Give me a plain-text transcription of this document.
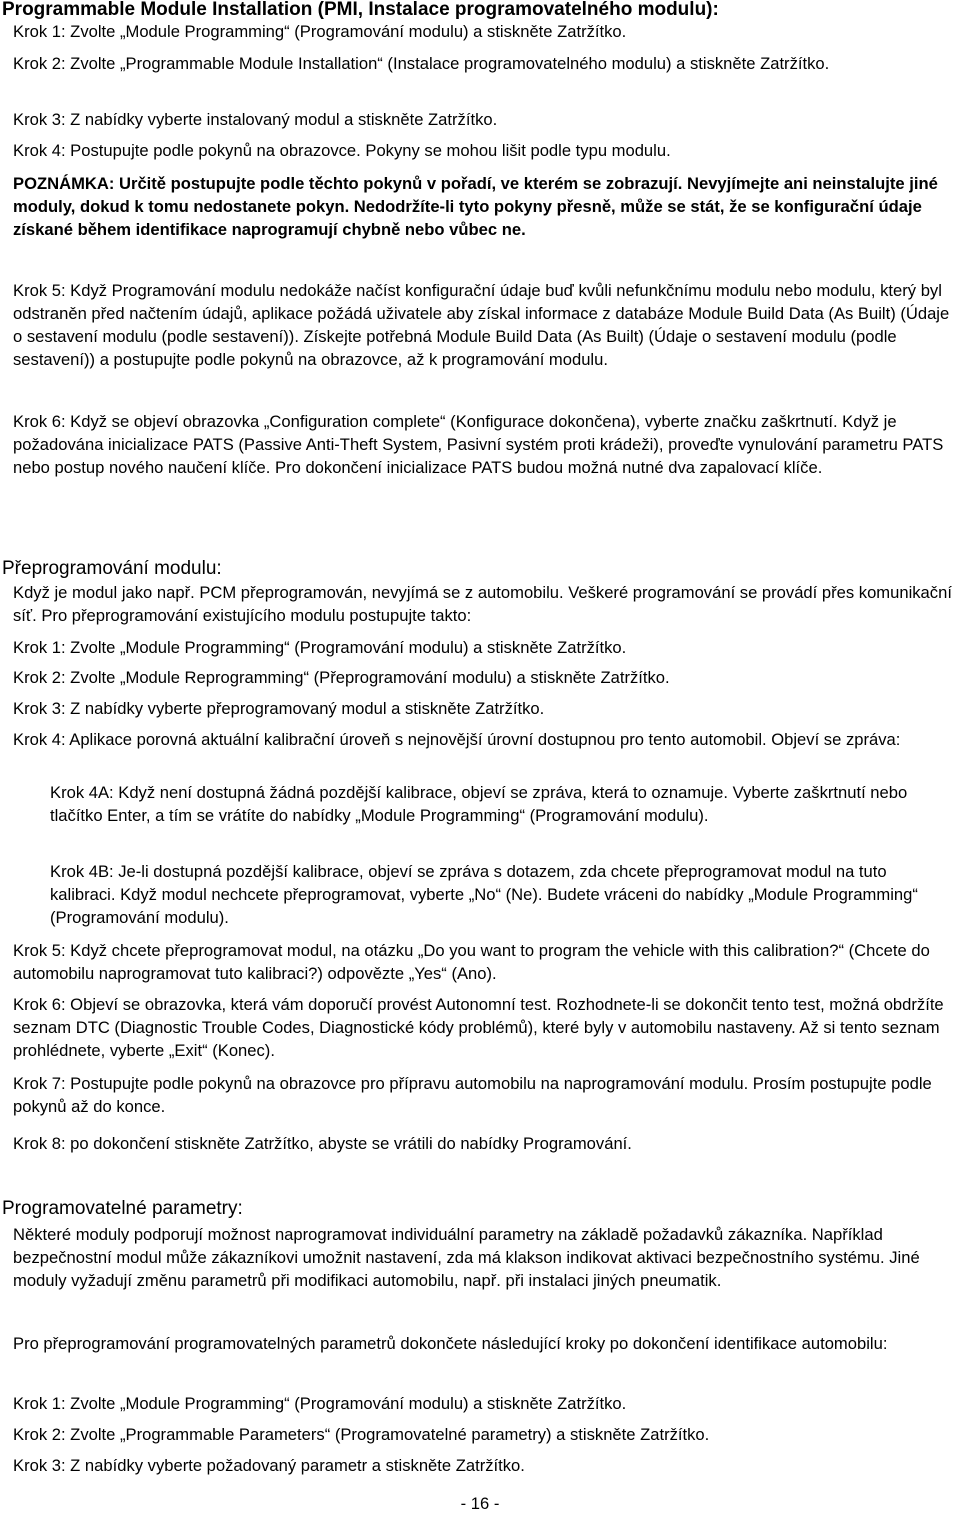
Programmable Module Installation (PMI, Instalace programovatelného modulu):

Krok 1: Zvolte „Module Programming“ (Programování modulu) a stiskněte Zatržítko.

Krok 2: Zvolte „Programmable Module Installation“ (Instalace programovatelného modulu) a stiskněte Zatržítko.

Krok 3: Z nabídky vyberte instalovaný modul a stiskněte Zatržítko.

Krok 4: Postupujte podle pokynů na obrazovce. Pokyny se mohou lišit podle typu modulu.

POZNÁMKA: Určitě postupujte podle těchto pokynů v pořadí, ve kterém se zobrazují. Nevyjímejte ani neinstalujte jiné moduly, dokud k tomu nedostanete pokyn. Nedodržíte-li tyto pokyny přesně, může se stát, že se konfigurační údaje získané během identifikace naprogramují chybně nebo vůbec ne.

Krok 5: Když Programování modulu nedokáže načíst konfigurační údaje buď kvůli nefunkčnímu modulu nebo modulu, který byl odstraněn před načtením údajů, aplikace požádá uživatele aby získal informace z databáze Module Build Data (As Built) (Údaje o sestavení modulu (podle sestavení)). Získejte potřebná Module Build Data (As Built) (Údaje o sestavení modulu (podle sestavení)) a postupujte podle pokynů na obrazovce, až k programování modulu.

Krok 6: Když se objeví obrazovka „Configuration complete“ (Konfigurace dokončena), vyberte značku zaškrtnutí. Když je požadována inicializace PATS (Passive Anti-Theft System, Pasivní systém proti krádeži), proveďte vynulování parametru PATS nebo postup nového naučení klíče. Pro dokončení inicializace PATS budou možná nutné dva zapalovací klíče.

Přeprogramování modulu:

Když je modul jako např. PCM přeprogramován, nevyjímá se z automobilu. Veškeré programování se provádí přes komunikační síť. Pro přeprogramování existujícího modulu postupujte takto:

Krok 1: Zvolte „Module Programming“ (Programování modulu) a stiskněte Zatržítko.

Krok 2: Zvolte „Module Reprogramming“ (Přeprogramování modulu) a stiskněte Zatržítko.

Krok 3: Z nabídky vyberte přeprogramovaný modul a stiskněte Zatržítko.

Krok 4: Aplikace porovná aktuální kalibrační úroveň s nejnovější úrovní dostupnou pro tento automobil. Objeví se zpráva:

Krok 4A: Když není dostupná žádná pozdější kalibrace, objeví se zpráva, která to oznamuje. Vyberte zaškrtnutí nebo tlačítko Enter, a tím se vrátíte do nabídky „Module Programming“ (Programování modulu).

Krok 4B: Je-li dostupná pozdější kalibrace, objeví se zpráva s dotazem, zda chcete přeprogramovat modul na tuto kalibraci. Když modul nechcete přeprogramovat, vyberte „No“ (Ne). Budete vráceni do nabídky „Module Programming“ (Programování modulu).

Krok 5: Když chcete přeprogramovat modul, na otázku „Do you want to program the vehicle with this calibration?“ (Chcete do automobilu naprogramovat tuto kalibraci?) odpovězte „Yes“ (Ano).

Krok 6: Objeví se obrazovka, která vám doporučí provést Autonomní test. Rozhodnete-li se dokončit tento test, možná obdržíte seznam DTC (Diagnostic Trouble Codes, Diagnostické kódy problémů), které byly v automobilu nastaveny. Až si tento seznam prohlédnete, vyberte „Exit“ (Konec).

Krok 7: Postupujte podle pokynů na obrazovce pro přípravu automobilu na naprogramování modulu. Prosím postupujte podle pokynů až do konce.

Krok 8: po dokončení stiskněte Zatržítko, abyste se vrátili do nabídky Programování.

Programovatelné parametry:

Některé moduly podporují možnost naprogramovat individuální parametry na základě požadavků zákazníka. Například bezpečnostní modul může zákazníkovi umožnit nastavení, zda má klakson indikovat aktivaci bezpečnostního systému. Jiné moduly vyžadují změnu parametrů při modifikaci automobilu, např. při instalaci jiných pneumatik.

Pro přeprogramování programovatelných parametrů dokončete následující kroky po dokončení identifikace automobilu:

Krok 1: Zvolte „Module Programming“ (Programování modulu) a stiskněte Zatržítko.

Krok 2: Zvolte „Programmable Parameters“ (Programovatelné parametry) a stiskněte Zatržítko.

Krok 3: Z nabídky vyberte požadovaný parametr a stiskněte Zatržítko.

- 16 -
